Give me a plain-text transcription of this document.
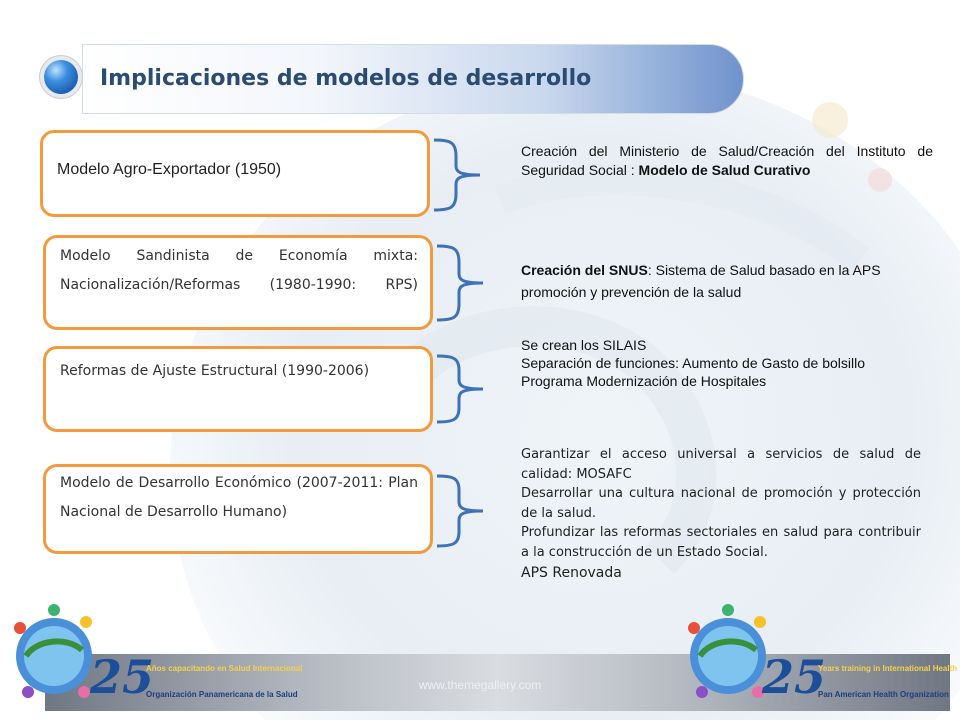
Implicaciones de modelos de desarrollo
Modelo Agro-Exportador (1950)
Modelo Sandinista de Economía mixta: Nacionalización/Reformas (1980-1990: RPS)
Reformas de Ajuste Estructural (1990-2006)
Modelo de Desarrollo Económico (2007-2011: Plan Nacional de Desarrollo Humano)
Creación del Ministerio de Salud/Creación del Instituto de Seguridad Social : Modelo de Salud Curativo
Creación del SNUS: Sistema de Salud basado en la APS promoción y prevención de la salud
Se crean los SILAIS
Separación de funciones: Aumento de Gasto de bolsillo
Programa Modernización de Hospitales
Garantizar el acceso universal a servicios de salud de calidad: MOSAFC
Desarrollar una cultura nacional de promoción y protección de la salud.
Profundizar las reformas sectoriales en salud para contribuir a la construcción de un Estado Social.
APS Renovada
www.themegallery.com
25
Años capacitando en Salud Internacional
Organización Panamericana de la Salud	25
Years training in International Health
Pan American Health Organization
